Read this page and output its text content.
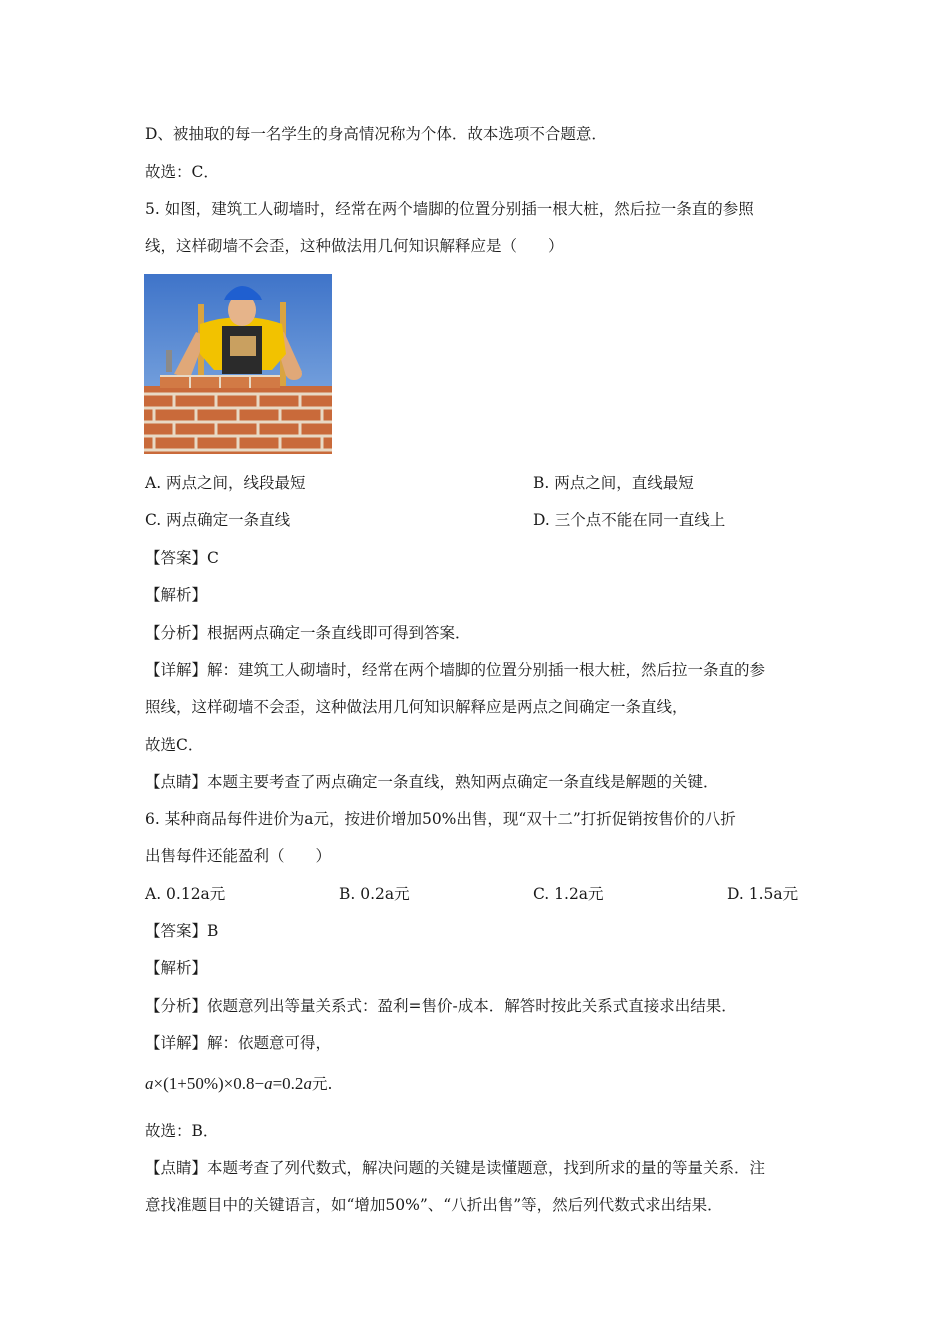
D、被抽取的每一名学生的身高情况称为个体．故本选项不合题意．
故选：C．
5. 如图，建筑工人砌墙时，经常在两个墙脚的位置分别插一根大桩，然后拉一条直的参照
线，这样砌墙不会歪，这种做法用几何知识解释应是（　　）
A. 两点之间，线段最短	B. 两点之间，直线最短
C. 两点确定一条直线	D. 三个点不能在同一直线上
【答案】C
【解析】
【分析】根据两点确定一条直线即可得到答案．
【详解】解：建筑工人砌墙时，经常在两个墙脚的位置分别插一根大桩，然后拉一条直的参
照线，这样砌墙不会歪，这种做法用几何知识解释应是两点之间确定一条直线，
故选C．
【点睛】本题主要考查了两点确定一条直线，熟知两点确定一条直线是解题的关键．
6. 某种商品每件进价为a元，按进价增加50%出售，现“双十二”打折促销按售价的八折
出售每件还能盈利（　　）
A. 0.12a元	B. 0.2a元	C. 1.2a元	D. 1.5a元
【答案】B
【解析】
【分析】依题意列出等量关系式：盈利=售价-成本．解答时按此关系式直接求出结果．
【详解】解：依题意可得，
a×(1+50%)×0.8−a=0.2a元.
故选：B．
【点睛】本题考查了列代数式，解决问题的关键是读懂题意，找到所求的量的等量关系．注
意找准题目中的关键语言，如“增加50%”、“八折出售”等，然后列代数式求出结果．
